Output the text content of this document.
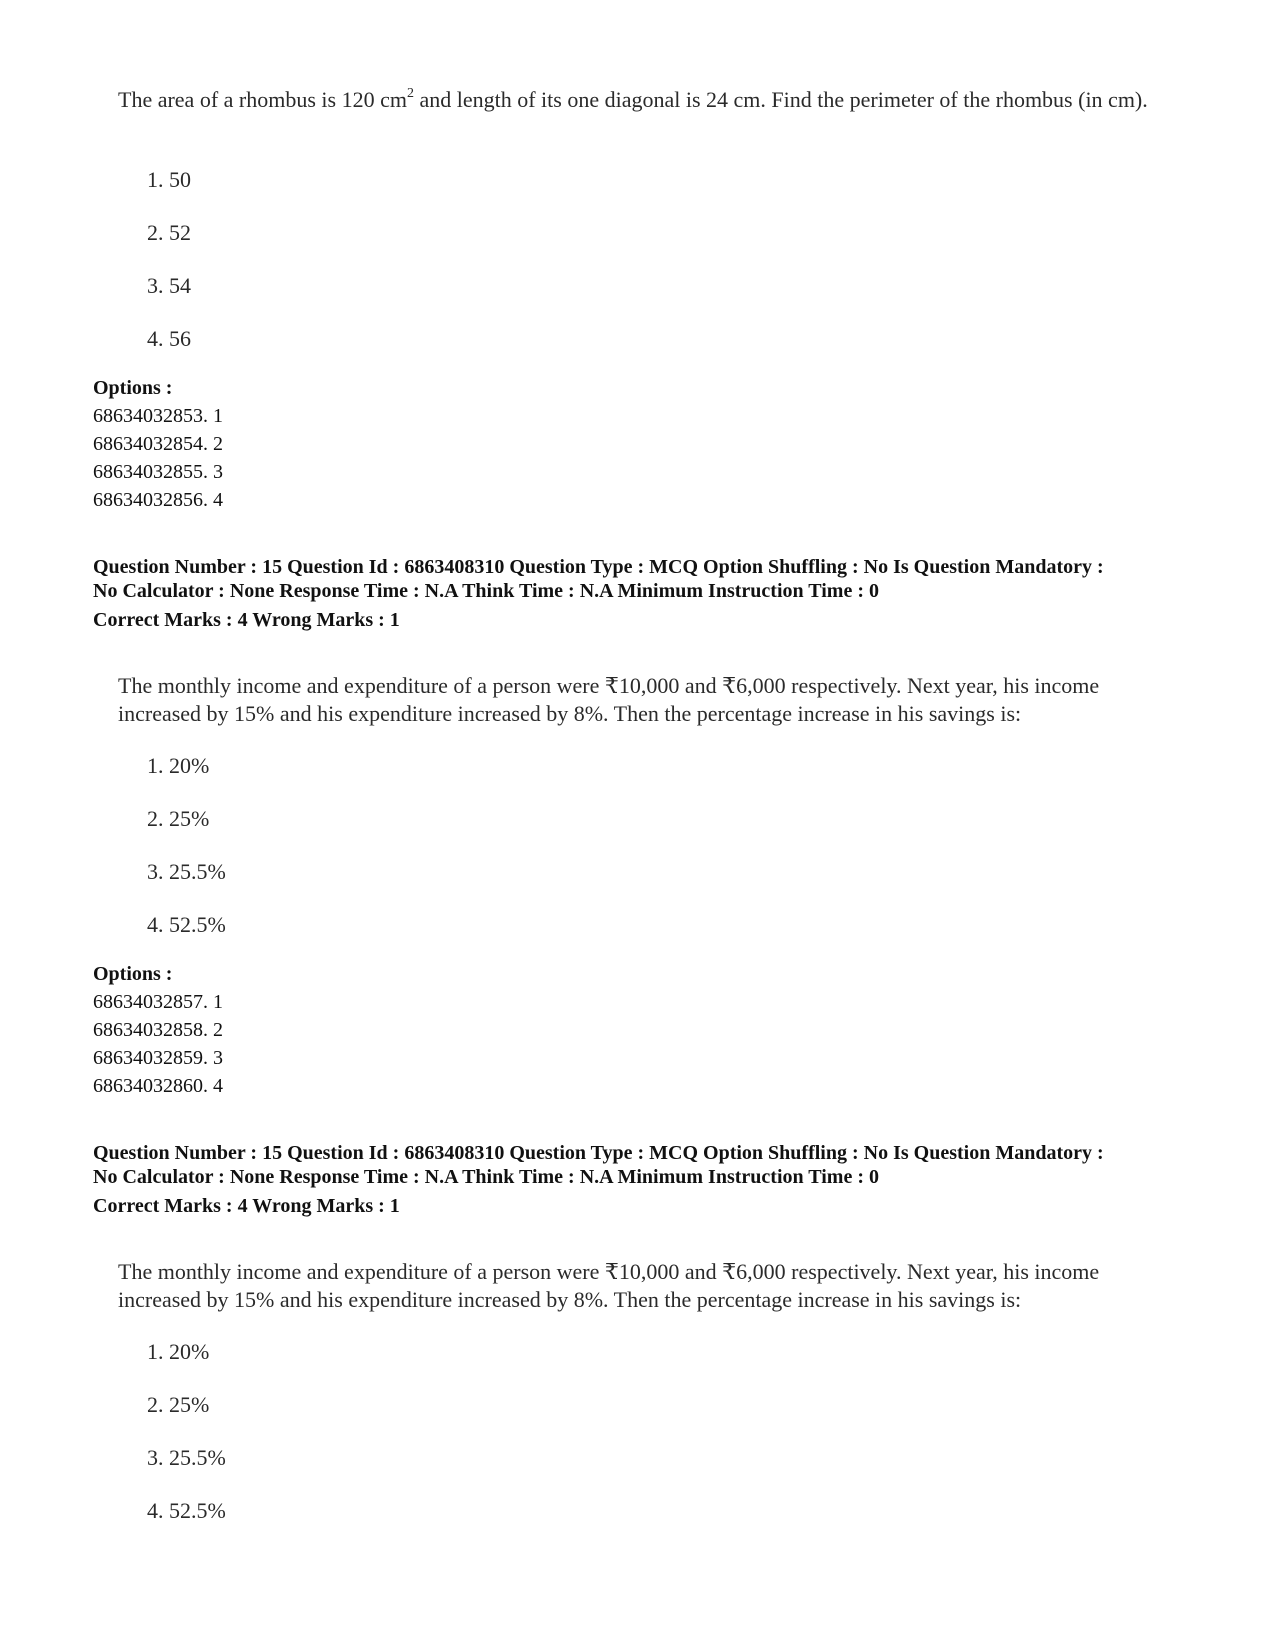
The area of a rhombus is 120 $cm^2$ and length of its one diagonal is 24 cm. Find the perimeter of the rhombus (in cm).
1. 50
2. 52
3. 54
4. 56
Options :
68634032853. 1
68634032854. 2
68634032855. 3
68634032856. 4
Question Number : 15 Question Id : 6863408310 Question Type : MCQ Option Shuffling : No Is Question Mandatory :
No Calculator : None Response Time : N.A Think Time : N.A Minimum Instruction Time : 0
Correct Marks : 4 Wrong Marks : 1
The monthly income and expenditure of a person were ₹10,000 and ₹6,000 respectively. Next year, his income increased by 15% and his expenditure increased by 8%. Then the percentage increase in his savings is:
1. 20%
2. 25%
3. 25.5%
4. 52.5%
Options :
68634032857. 1
68634032858. 2
68634032859. 3
68634032860. 4
Question Number : 15 Question Id : 6863408310 Question Type : MCQ Option Shuffling : No Is Question Mandatory :
No Calculator : None Response Time : N.A Think Time : N.A Minimum Instruction Time : 0
Correct Marks : 4 Wrong Marks : 1
The monthly income and expenditure of a person were ₹10,000 and ₹6,000 respectively. Next year, his income increased by 15% and his expenditure increased by 8%. Then the percentage increase in his savings is:
1. 20%
2. 25%
3. 25.5%
4. 52.5%
